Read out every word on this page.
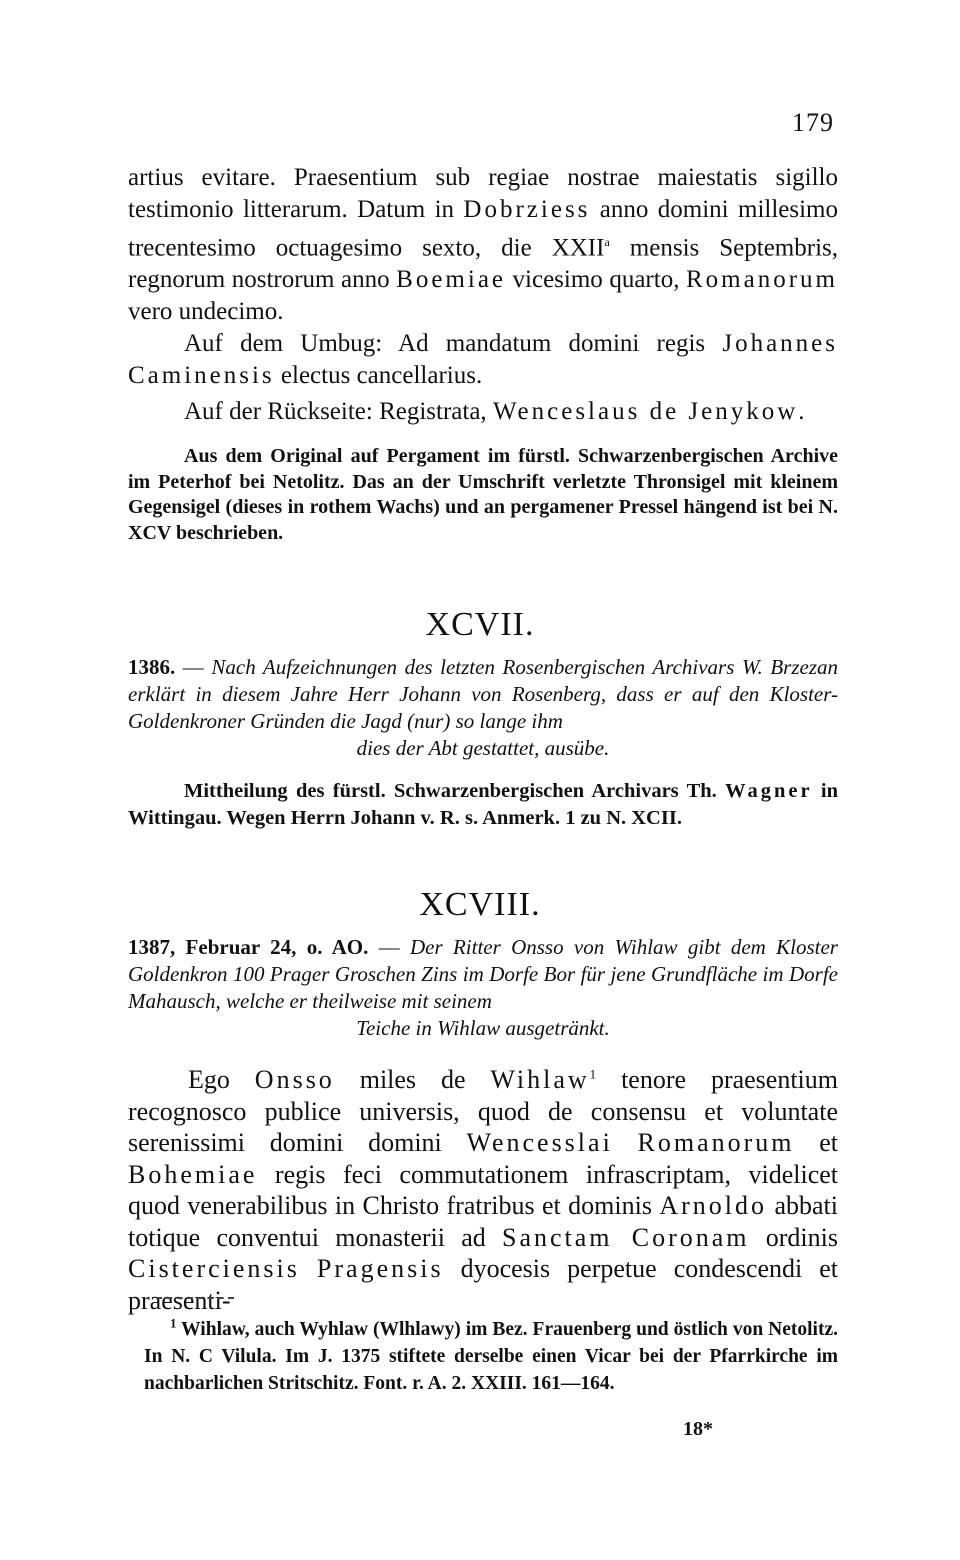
179

artius evitare. Praesentium sub regiae nostrae maiestatis sigillo testimonio litterarum. Datum in Dobrziess anno domini millesimo trecentesimo octuagesimo sexto, die XXII$^a$ mensis Septembris, regnorum nostrorum anno Boemiae vicesimo quarto, Romanorum vero undecimo.

Auf dem Umbug: Ad mandatum domini regis Johannes Caminensis electus cancellarius.

Auf der Rückseite: Registrata, Wenceslaus de Jenykow.

Aus dem Original auf Pergament im fürstl. Schwarzenbergischen Archive im Peterhof bei Netolitz. Das an der Umschrift verletzte Thronsigel mit kleinem Gegensigel (dieses in rothem Wachs) und an pergamener Pressel hängend ist bei N. XCV beschrieben.

XCVII.

1386. — Nach Aufzeichnungen des letzten Rosenbergischen Archivars W. Brzezan erklärt in diesem Jahre Herr Johann von Rosenberg, dass er auf den Kloster-Goldenkroner Gründen die Jagd (nur) so lange ihm

dies der Abt gestattet, ausübe.

Mittheilung des fürstl. Schwarzenbergischen Archivars Th. Wagner in Wittingau. Wegen Herrn Johann v. R. s. Anmerk. 1 zu N. XCII.

XCVIII.

1387, Februar 24, o. AO. — Der Ritter Onsso von Wihlaw gibt dem Kloster Goldenkron 100 Prager Groschen Zins im Dorfe Bor für jene Grundfläche im Dorfe Mahausch, welche er theilweise mit seinem

Teiche in Wihlaw ausgetränkt.

Ego Onsso miles de Wihlaw$^1$ tenore praesentium recognosco publice universis, quod de consensu et voluntate serenissimi domini domini Wencesslai Romanorum et Bohemiae regis feci commutationem infrascriptam, videlicet quod venerabilibus in Christo fratribus et dominis Arnoldo abbati totique conventui monasterii ad Sanctam Coronam ordinis Cisterciensis Pragensis dyocesis perpetue condescendi et praesenti-

$^1$ Wihlaw, auch Wyhlaw (Wlhlawy) im Bez. Frauenberg und östlich von Netolitz. In N. C Vilula. Im J. 1375 stiftete derselbe einen Vicar bei der Pfarrkirche im nachbarlichen Stritschitz. Font. r. A. 2. XXIII. 161—164.

18*
